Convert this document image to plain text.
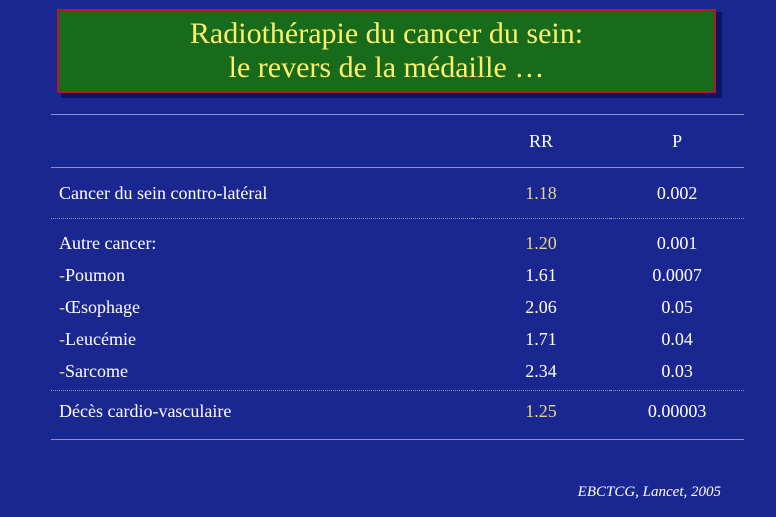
Radiothérapie du cancer du sein:
le revers de la médaille …
	RR	P
Cancer du sein contro-latéral	1.18	0.002
Autre cancer:	1.20	0.001
-Poumon	1.61	0.0007
-Œsophage	2.06	0.05
-Leucémie	1.71	0.04
-Sarcome	2.34	0.03
Décès cardio-vasculaire	1.25	0.00003
EBCTCG, Lancet, 2005
